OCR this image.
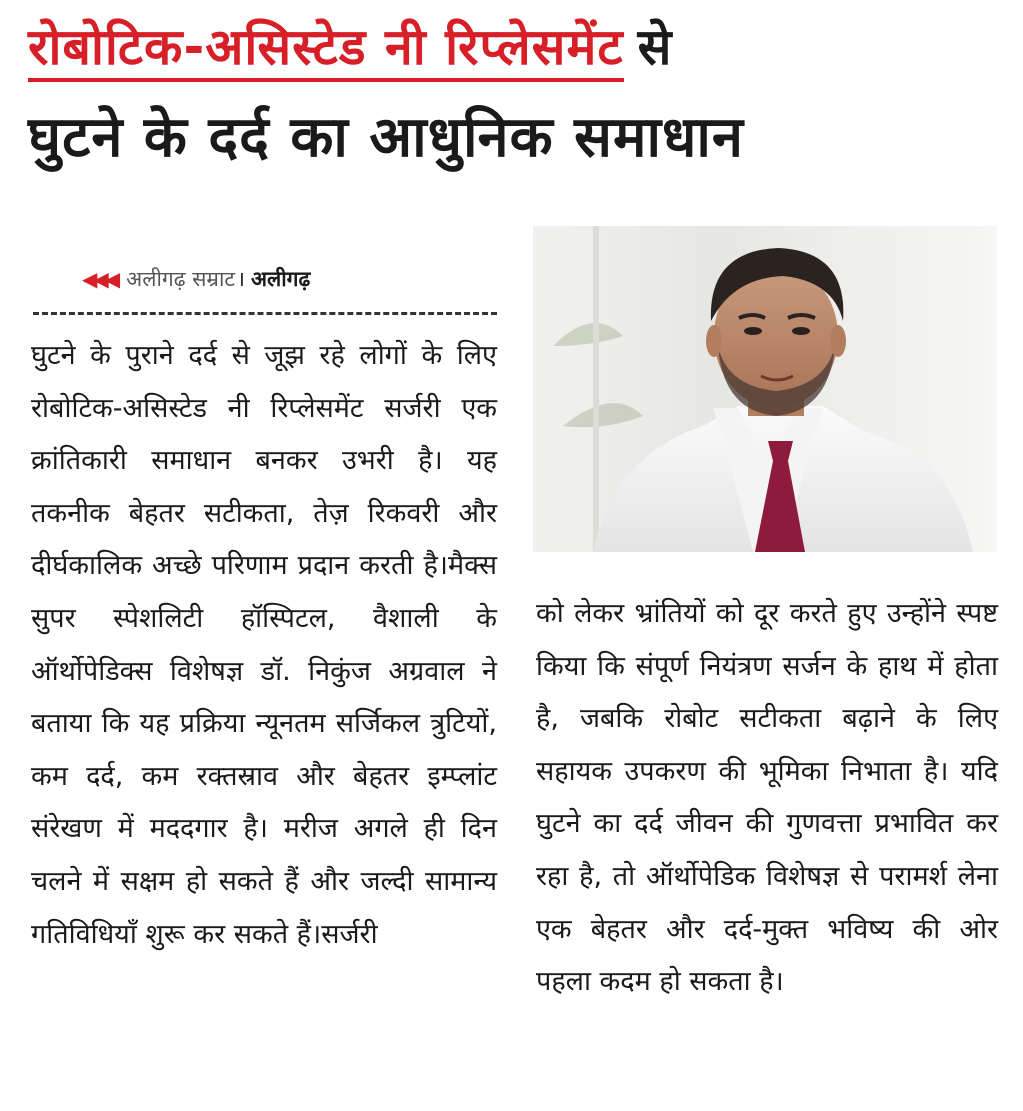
रोबोटिक-असिस्टेड नी रिप्लेसमेंट से
घुटने के दर्द का आधुनिक समाधान
◀◀◀ अलीगढ़ सम्राट । अलीगढ़
घुटने के पुराने दर्द से जूझ रहे लोगों के लिए रोबोटिक-असिस्टेड नी रिप्लेसमेंट सर्जरी एक क्रांतिकारी समाधान बनकर उभरी है। यह तकनीक बेहतर सटीकता, तेज़ रिकवरी और दीर्घकालिक अच्छे परिणाम प्रदान करती है।मैक्स सुपर स्पेशलिटी हॉस्पिटल, वैशाली के ऑर्थोपेडिक्स विशेषज्ञ डॉ. निकुंज अग्रवाल ने बताया कि यह प्रक्रिया न्यूनतम सर्जिकल त्रुटियों, कम दर्द, कम रक्तस्राव और बेहतर इम्प्लांट संरेखण में मददगार है। मरीज अगले ही दिन चलने में सक्षम हो सकते हैं और जल्दी सामान्य गतिविधियाँ शुरू कर सकते हैं।सर्जरी
को लेकर भ्रांतियों को दूर करते हुए उन्होंने स्पष्ट किया कि संपूर्ण नियंत्रण सर्जन के हाथ में होता है, जबकि रोबोट सटीकता बढ़ाने के लिए सहायक उपकरण की भूमिका निभाता है। यदि घुटने का दर्द जीवन की गुणवत्ता प्रभावित कर रहा है, तो ऑर्थोपेडिक विशेषज्ञ से परामर्श लेना एक बेहतर और दर्द-मुक्त भविष्य की ओर पहला कदम हो सकता है।
